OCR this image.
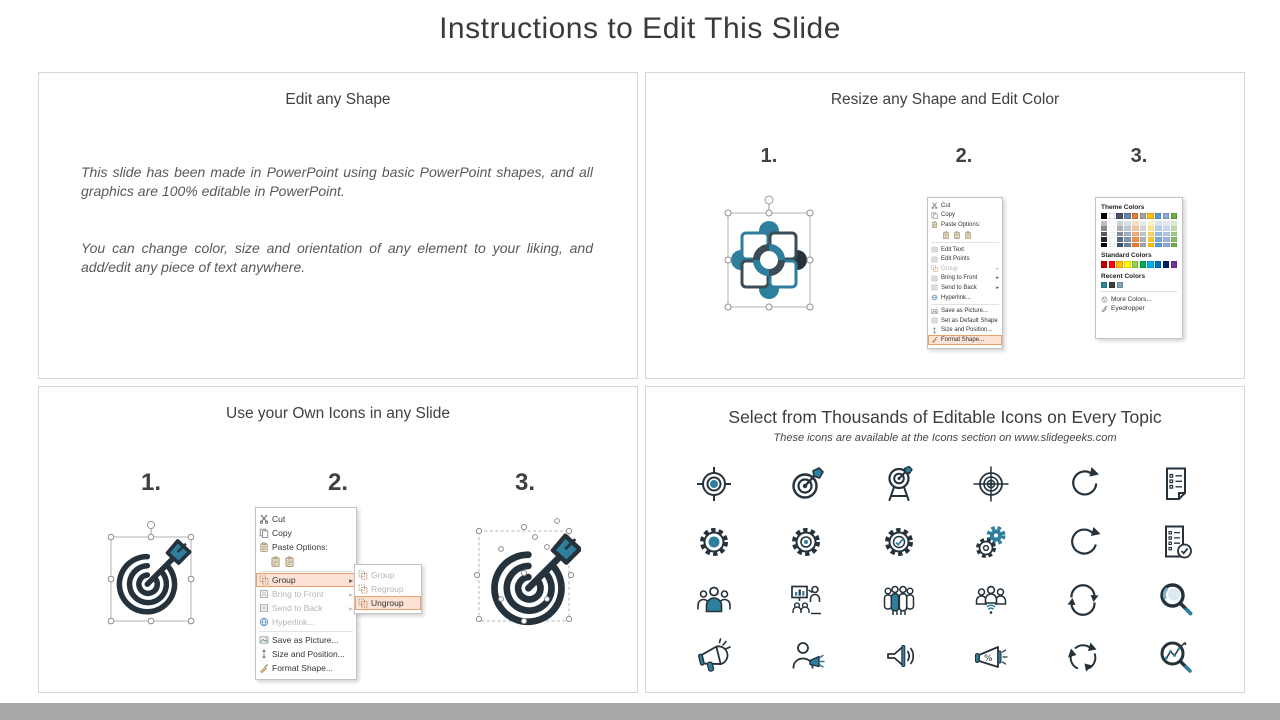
Instructions to Edit This Slide
Edit any Shape

This slide has been made in PowerPoint using basic PowerPoint shapes, and all graphics are 100% editable in PowerPoint.

You can change color, size and orientation of any element to your liking, and add/edit any piece of text anywhere.

Resize any Shape and Edit Color
1.	2.	3.
Cut
Copy
Paste Options:
Edit Text
Edit Points
Group	▸
Bring to Front	▸
Send to Back	▸
Hyperlink...
Save as Picture...
Set as Default Shape
Size and Position...
Format Shape...
Theme Colors
Standard Colors
Recent Colors
More Colors...
Eyedropper
Use your Own Icons in any Slide
1.	2.	3.
Cut
Copy
Paste Options:
Group	▸
Bring to Front	▸
Send to Back	▸
Hyperlink...
Save as Picture...
Size and Position...
Format Shape...
Group
Regroup
Ungroup
Select from Thousands of Editable Icons on Every Topic
These icons are available at the Icons section on www.slidegeeks.com
